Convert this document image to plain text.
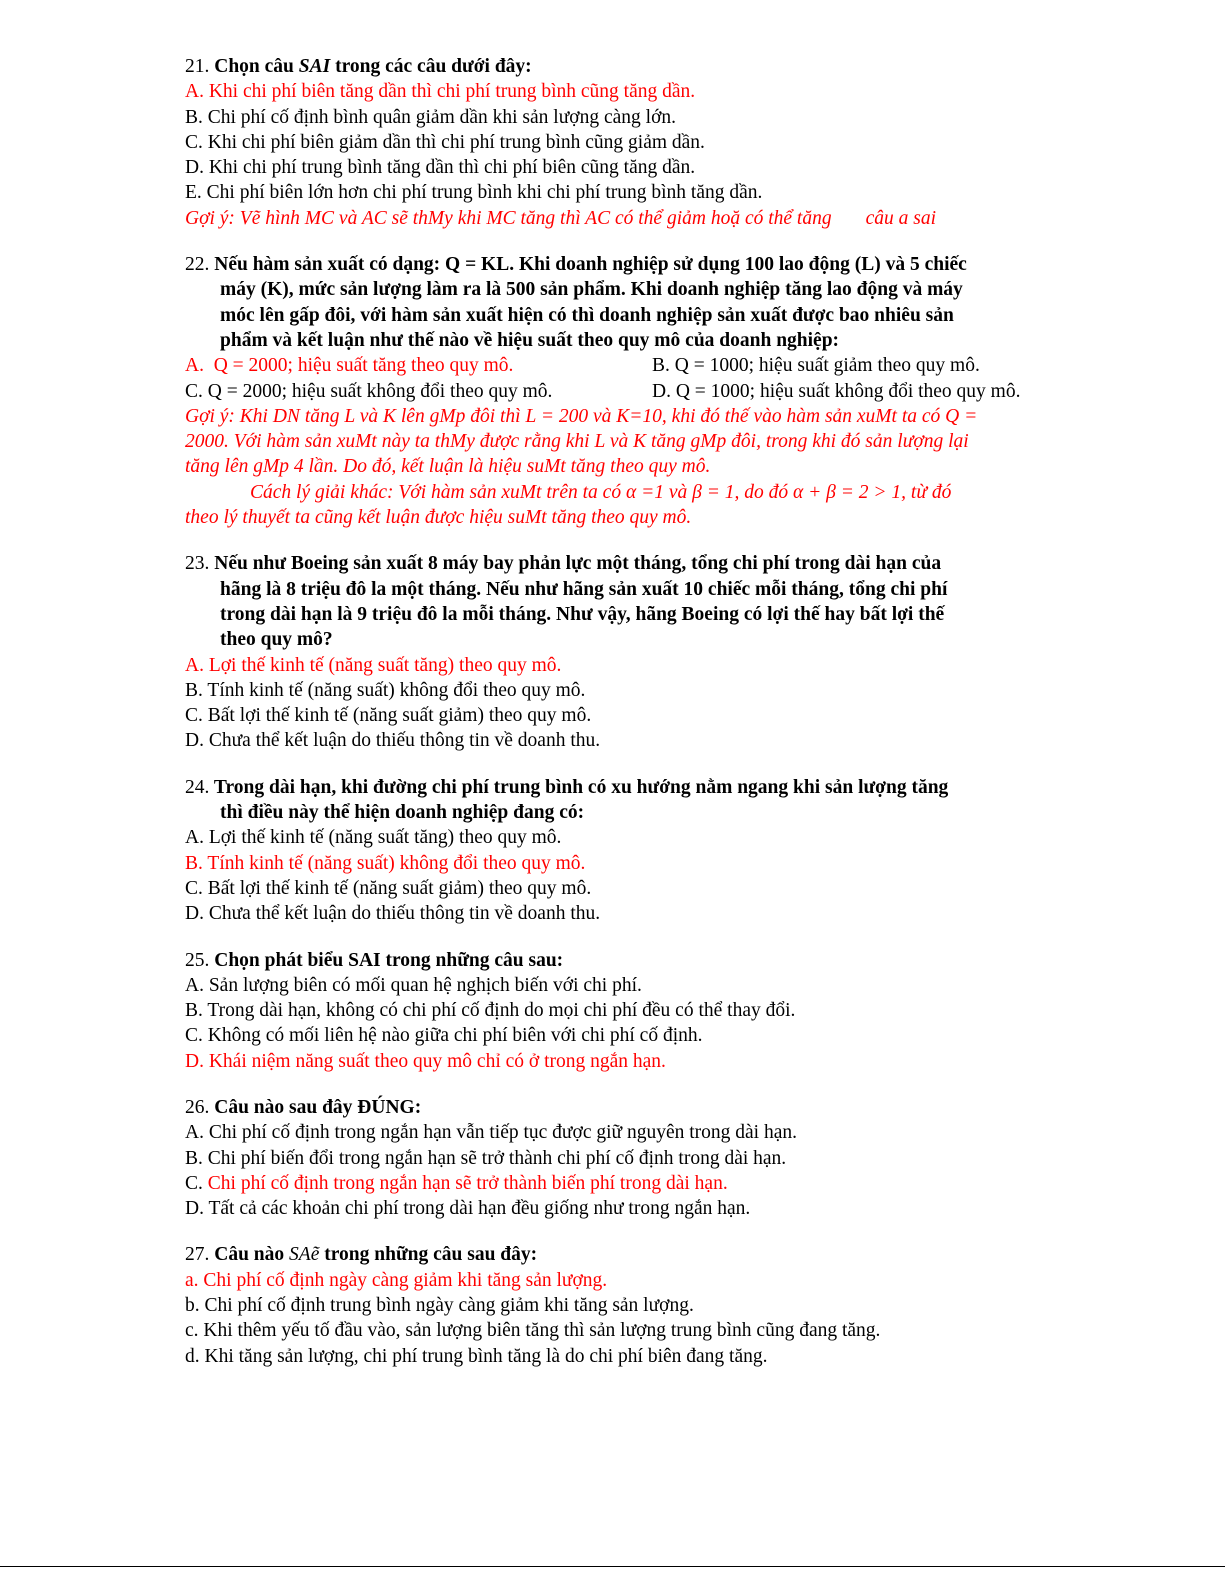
21. Chọn câu SAI trong các câu dưới đây:
A. Khi chi phí biên tăng dần thì chi phí trung bình cũng tăng dần.
B. Chi phí cố định bình quân giảm dần khi sản lượng càng lớn.
C. Khi chi phí biên giảm dần thì chi phí trung bình cũng giảm dần.
D. Khi chi phí trung bình tăng dần thì chi phí biên cũng tăng dần.
E. Chi phí biên lớn hơn chi phí trung bình khi chi phí trung bình tăng dần.
Gợi ý: Vẽ hình MC và AC sẽ thMy khi MC tăng thì AC có thể giảm hoặ có thể tăng câu a sai
22. Nếu hàm sản xuất có dạng: Q = KL. Khi doanh nghiệp sử dụng 100 lao động (L) và 5 chiếc
máy (K), mức sản lượng làm ra là 500 sản phẩm. Khi doanh nghiệp tăng lao động và máy
móc lên gấp đôi, với hàm sản xuất hiện có thì doanh nghiệp sản xuất được bao nhiêu sản
phẩm và kết luận như thế nào về hiệu suất theo quy mô của doanh nghiệp:
A. Q = 2000; hiệu suất tăng theo quy mô.	B. Q = 1000; hiệu suất giảm theo quy mô.
C. Q = 2000; hiệu suất không đổi theo quy mô.	D. Q = 1000; hiệu suất không đổi theo quy mô.
Gợi ý: Khi DN tăng L và K lên gMp đôi thì L = 200 và K=10, khi đó thế vào hàm sản xuMt ta có Q =
2000. Với hàm sản xuMt này ta thMy được rằng khi L và K tăng gMp đôi, trong khi đó sản lượng lại
tăng lên gMp 4 lần. Do đó, kết luận là hiệu suMt tăng theo quy mô.
Cách lý giải khác: Với hàm sản xuMt trên ta có α =1 và β = 1, do đó α + β = 2 > 1, từ đó
theo lý thuyết ta cũng kết luận được hiệu suMt tăng theo quy mô.
23. Nếu như Boeing sản xuất 8 máy bay phản lực một tháng, tổng chi phí trong dài hạn của
hãng là 8 triệu đô la một tháng. Nếu như hãng sản xuất 10 chiếc mỗi tháng, tổng chi phí
trong dài hạn là 9 triệu đô la mỗi tháng. Như vậy, hãng Boeing có lợi thế hay bất lợi thế
theo quy mô?
A. Lợi thế kinh tế (năng suất tăng) theo quy mô.
B. Tính kinh tế (năng suất) không đổi theo quy mô.
C. Bất lợi thế kinh tế (năng suất giảm) theo quy mô.
D. Chưa thể kết luận do thiếu thông tin về doanh thu.
24. Trong dài hạn, khi đường chi phí trung bình có xu hướng nằm ngang khi sản lượng tăng
thì điều này thể hiện doanh nghiệp đang có:
A. Lợi thế kinh tế (năng suất tăng) theo quy mô.
B. Tính kinh tế (năng suất) không đổi theo quy mô.
C. Bất lợi thế kinh tế (năng suất giảm) theo quy mô.
D. Chưa thể kết luận do thiếu thông tin về doanh thu.
25. Chọn phát biểu SAI trong những câu sau:
A. Sản lượng biên có mối quan hệ nghịch biến với chi phí.
B. Trong dài hạn, không có chi phí cố định do mọi chi phí đều có thể thay đổi.
C. Không có mối liên hệ nào giữa chi phí biên với chi phí cố định.
D. Khái niệm năng suất theo quy mô chỉ có ở trong ngắn hạn.
26. Câu nào sau đây ĐÚNG:
A. Chi phí cố định trong ngắn hạn vẫn tiếp tục được giữ nguyên trong dài hạn.
B. Chi phí biến đổi trong ngắn hạn sẽ trở thành chi phí cố định trong dài hạn.
C. Chi phí cố định trong ngắn hạn sẽ trở thành biến phí trong dài hạn.
D. Tất cả các khoản chi phí trong dài hạn đều giống như trong ngắn hạn.
27. Câu nào SAẽ trong những câu sau đây:
a. Chi phí cố định ngày càng giảm khi tăng sản lượng.
b. Chi phí cố định trung bình ngày càng giảm khi tăng sản lượng.
c. Khi thêm yếu tố đầu vào, sản lượng biên tăng thì sản lượng trung bình cũng đang tăng.
d. Khi tăng sản lượng, chi phí trung bình tăng là do chi phí biên đang tăng.
